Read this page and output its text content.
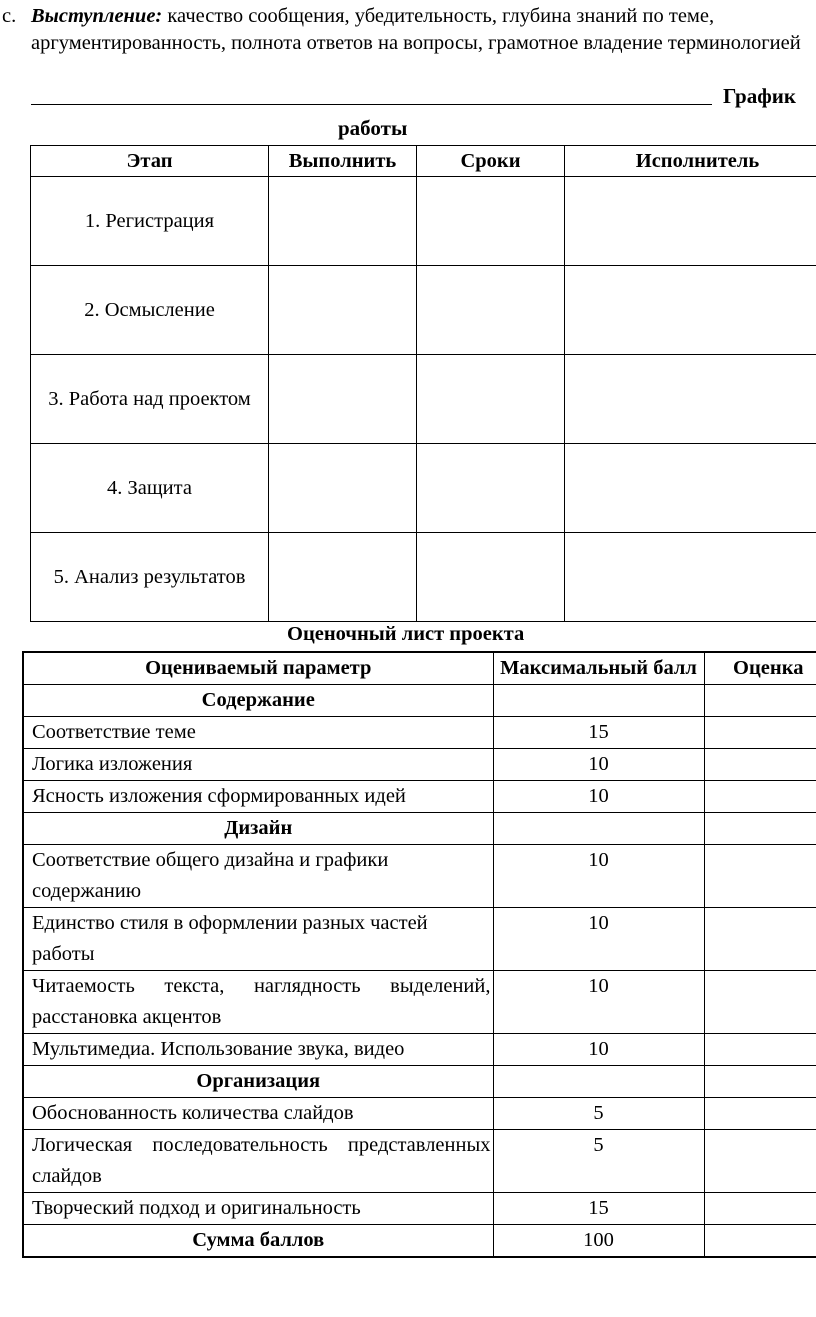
c. Выступление: качество сообщения, убедительность, глубина знаний по теме, аргументированность, полнота ответов на вопросы, грамотное владение терминологией
График
работы
Этап	Выполнить	Сроки	Исполнитель
1. Регистрация			
2. Осмысление			
3. Работа над проектом			
4. Защита			
5. Анализ результатов			
Оценочный лист проекта
Оцениваемый параметр	Максимальный балл	Оценка
Содержание		
Соответствие теме	15	
Логика изложения	10	
Ясность изложения сформированных идей	10	
Дизайн		
Соответствие общего дизайна и графики содержанию	10	
Единство стиля в оформлении разных частей работы	10	
Читаемость текста, наглядность выделений, расстановка акцентов	10	
Мультимедиа. Использование звука, видео	10	
Организация		
Обоснованность количества слайдов	5	
Логическая последовательность представленных слайдов	5	
Творческий подход и оригинальность	15	
Сумма баллов	100	
